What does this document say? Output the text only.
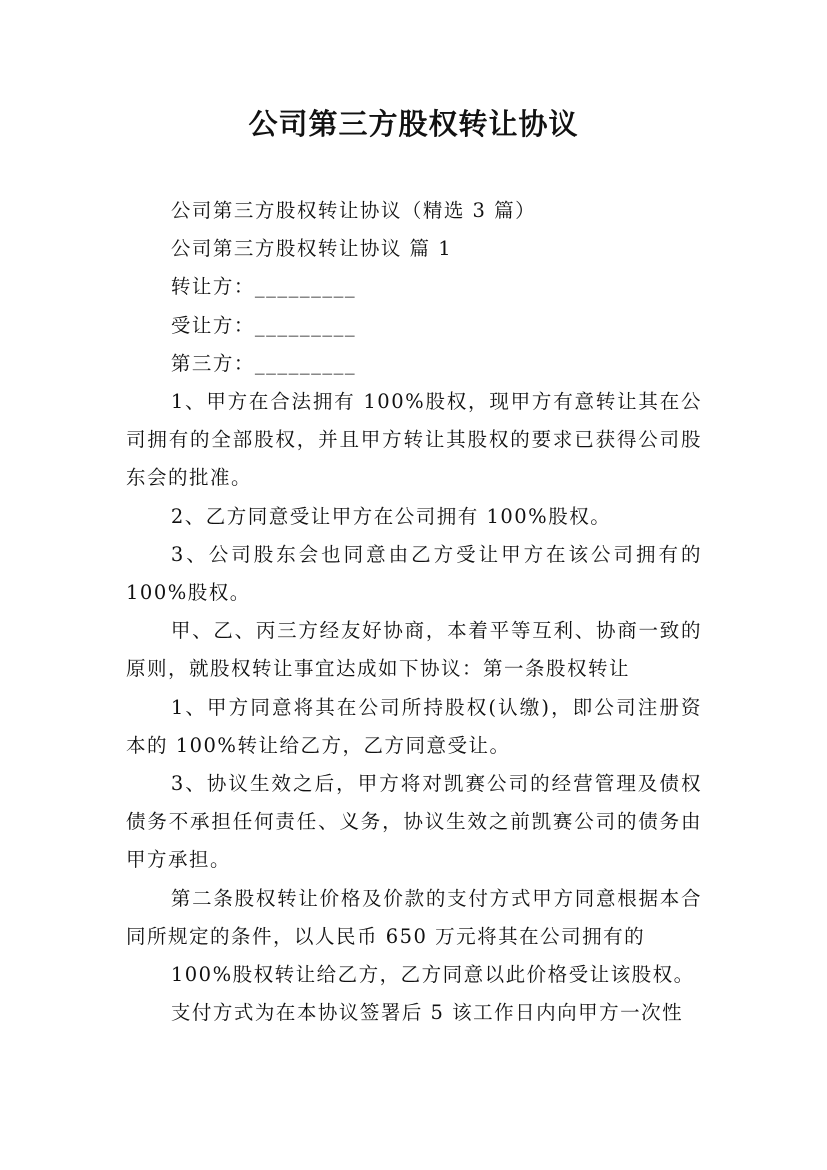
公司第三方股权转让协议

公司第三方股权转让协议（精选 3 篇）

公司第三方股权转让协议 篇 1

转让方：_________

受让方：_________

第三方：_________

1、甲方在合法拥有 100%股权，现甲方有意转让其在公司拥有的全部股权，并且甲方转让其股权的要求已获得公司股东会的批准。

2、乙方同意受让甲方在公司拥有 100%股权。

3、公司股东会也同意由乙方受让甲方在该公司拥有的 100%股权。

甲、乙、丙三方经友好协商，本着平等互利、协商一致的原则，就股权转让事宜达成如下协议：第一条股权转让

1、甲方同意将其在公司所持股权(认缴)，即公司注册资本的 100%转让给乙方，乙方同意受让。

3、协议生效之后，甲方将对凯赛公司的经营管理及债权债务不承担任何责任、义务，协议生效之前凯赛公司的债务由甲方承担。

第二条股权转让价格及价款的支付方式甲方同意根据本合同所规定的条件，以人民币 650 万元将其在公司拥有的

100%股权转让给乙方，乙方同意以此价格受让该股权。

支付方式为在本协议签署后 5 该工作日内向甲方一次性
